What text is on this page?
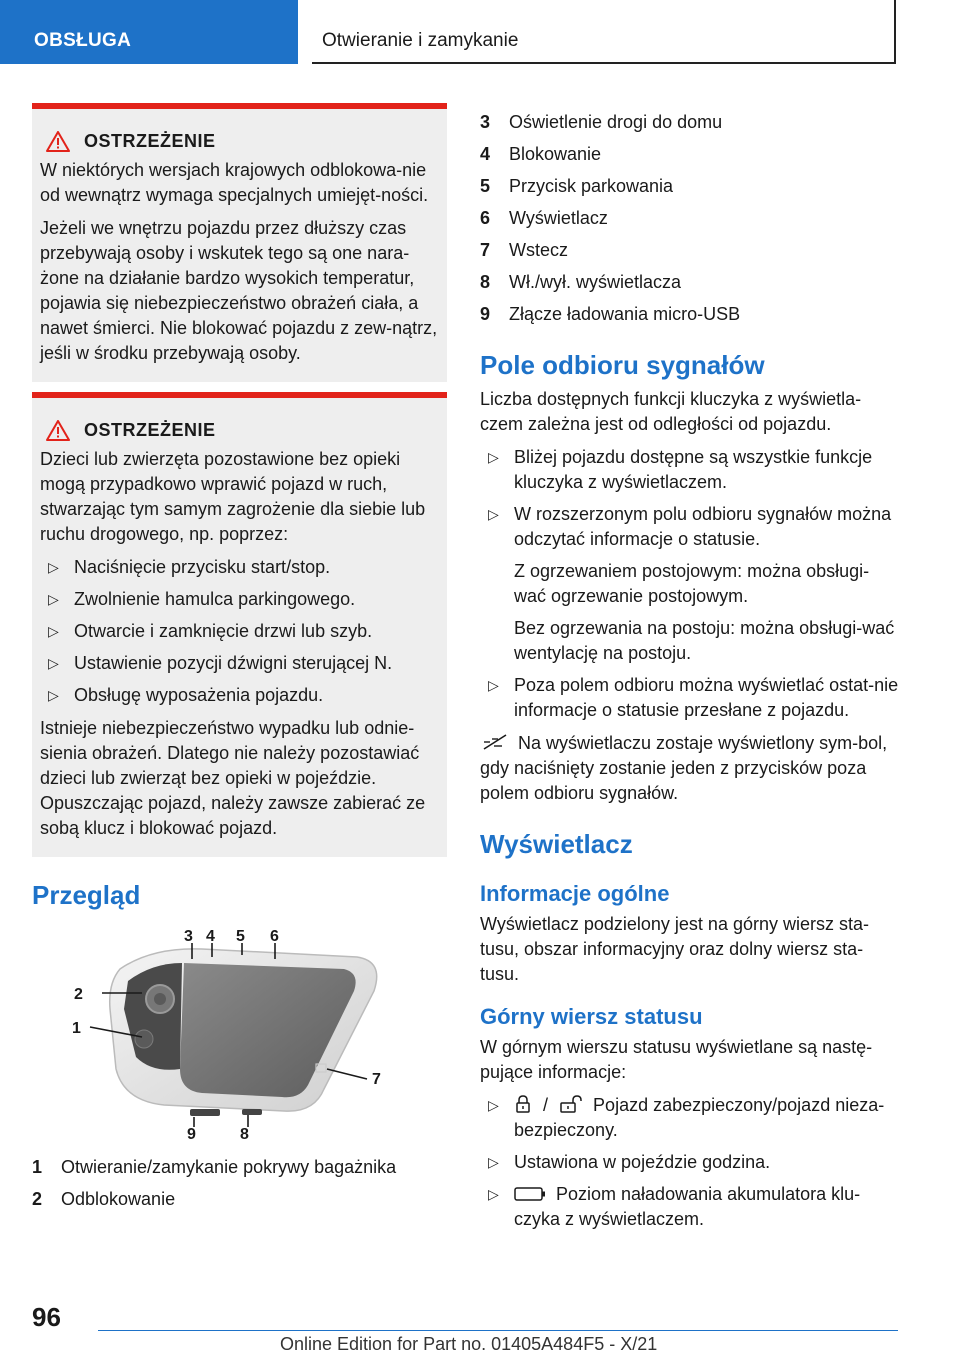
OBSŁUGA	Otwieranie i zamykanie
OSTRZEŻENIE

W niektórych wersjach krajowych odblokowa-nie od wewnątrz wymaga specjalnych umiejęt-ności.

Jeżeli we wnętrzu pojazdu przez dłuższy czas przebywają osoby i wskutek tego są one nara-żone na działanie bardzo wysokich temperatur, pojawia się niebezpieczeństwo obrażeń ciała, a nawet śmierci. Nie blokować pojazdu z zew-nątrz, jeśli w środku przebywają osoby.

OSTRZEŻENIE

Dzieci lub zwierzęta pozostawione bez opieki mogą przypadkowo wprawić pojazd w ruch, stwarzając tym samym zagrożenie dla siebie lub ruchu drogowego, np. poprzez:

▷ Naciśnięcie przycisku start/stop.
▷ Zwolnienie hamulca parkingowego.
▷ Otwarcie i zamknięcie drzwi lub szyb.
▷ Ustawienie pozycji dźwigni sterującej N.
▷ Obsługę wyposażenia pojazdu.

Istnieje niebezpieczeństwo wypadku lub odnie-sienia obrażeń. Dlatego nie należy pozostawiać dzieci lub zwierząt bez opieki w pojeździe. Opuszczając pojazd, należy zawsze zabierać ze sobą klucz i blokować pojazd.

Przegląd
1
2
3 4 5 6
7
8
9
1	Otwieranie/zamykanie pokrywy bagażnika
2	Odblokowanie
3	Oświetlenie drogi do domu
4	Blokowanie
5	Przycisk parkowania
6	Wyświetlacz
7	Wstecz
8	Wł./wył. wyświetlacza
9	Złącze ładowania micro-USB
Pole odbioru sygnałów

Liczba dostępnych funkcji kluczyka z wyświetla-czem zależna jest od odległości od pojazdu.

▷ Bliżej pojazdu dostępne są wszystkie funkcje kluczyka z wyświetlaczem.
▷ W rozszerzonym polu odbioru sygnałów można odczytać informacje o statusie.

Z ogrzewaniem postojowym: można obsługi-wać ogrzewanie postojowym.

Bez ogrzewania na postoju: można obsługi-wać wentylację na postoju.

▷ Poza polem odbioru można wyświetlać ostat-nie informacje o statusie przesłane z pojazdu.

Na wyświetlaczu zostaje wyświetlony sym-bol, gdy naciśnięty zostanie jeden z przycisków poza polem odbioru sygnałów.

Wyświetlacz
Informacje ogólne

Wyświetlacz podzielony jest na górny wiersz sta-tusu, obszar informacyjny oraz dolny wiersz sta-tusu.

Górny wiersz statusu

W górnym wierszu statusu wyświetlane są nastę-pujące informacje:

▷ /	Pojazd zabezpieczony/pojazd nieza-bezpieczony.
▷ Ustawiona w pojeździe godzina.
▷	Poziom naładowania akumulatora klu-czyka z wyświetlaczem.
96
Online Edition for Part no. 01405A484F5 - X/21
